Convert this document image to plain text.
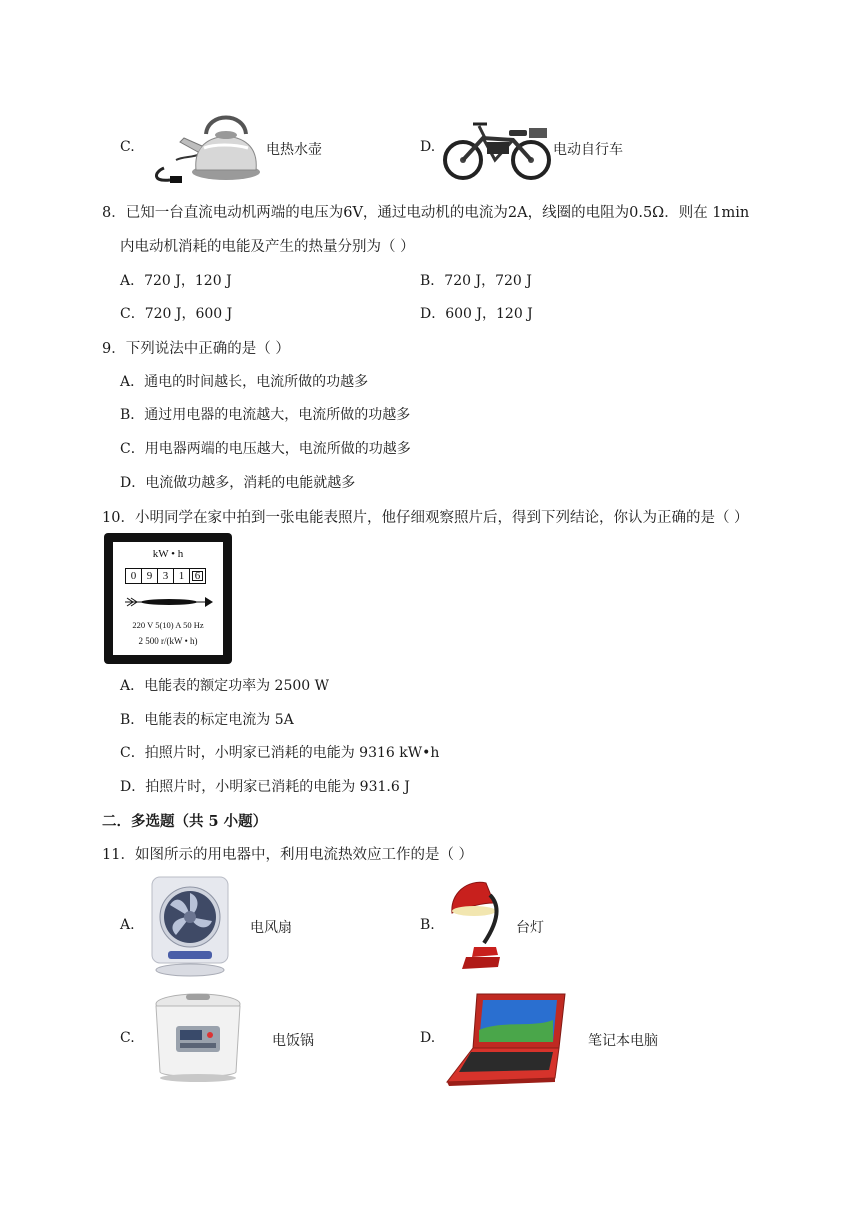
C.	电热水壶	D.	电动自行车
8．已知一台直流电动机两端的电压为6V，通过电动机的电流为2A，线圈的电阻为0.5Ω．则在 1min
内电动机消耗的电能及产生的热量分别为（ ）
A．720 J，120 J	B．720 J，720 J
C．720 J，600 J	D．600 J，120 J
9．下列说法中正确的是（ ）
A．通电的时间越长，电流所做的功越多
B．通过用电器的电流越大，电流所做的功越多
C．用电器两端的电压越大，电流所做的功越多
D．电流做功越多，消耗的电能就越多
10．小明同学在家中拍到一张电能表照片，他仔细观察照片后，得到下列结论，你认为正确的是（ ）
kW • h
0 9 3 1 6
220 V 5(10) A 50 Hz
2 500 r/(kW • h)
A．电能表的额定功率为 2500 W
B．电能表的标定电流为 5A
C．拍照片时，小明家已消耗的电能为 9316 kW•h
D．拍照片时，小明家已消耗的电能为 931.6 J
二．多选题（共 5 小题）
11．如图所示的用电器中，利用电流热效应工作的是（ ）
A.	电风扇	B.	台灯
C.	电饭锅	D.	笔记本电脑
